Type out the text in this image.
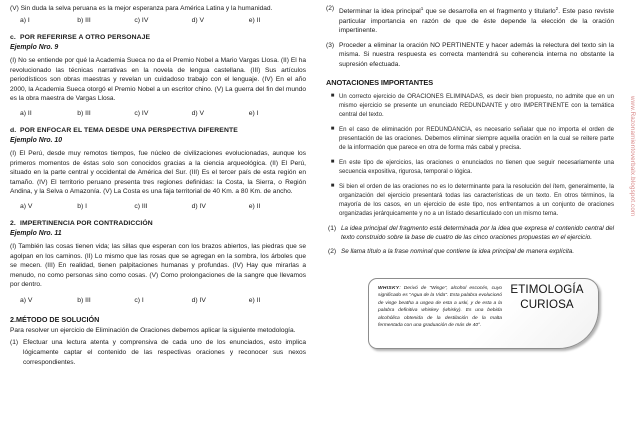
(V) Sin duda la selva peruana es la mejor esperanza para América Latina y la humanidad.
a) I	b) III	c) IV	d) V	e) II
c. POR REFERIRSE A OTRO PERSONAJE
Ejemplo Nro. 9
(I) No se entiende por qué la Academia Sueca no da el Premio Nobel a Mario Vargas Llosa. (II) El ha revolucionado las técnicas narrativas en la novela de lengua castellana. (III) Sus artículos periodísticos son obras maestras y revelan un cuidadoso trabajo con el lenguaje. (IV) En el año 2000, la Academia Sueca otorgó el Premio Nobel a un escritor chino. (V) La guerra del fin del mundo es la obra maestra de Vargas Llosa.
a) II	b) III	c) IV	d) V	e) I
d. POR ENFOCAR EL TEMA DESDE UNA PERSPECTIVA DIFERENTE
Ejemplo Nro. 10
(I) El Perú, desde muy remotos tiempos, fue núcleo de civilizaciones evolucionadas, aunque los primeros momentos de éstas solo son conocidos gracias a la ciencia arqueológica. (II) El Perú, situado en la parte central y occidental de América del Sur. (III) Es el tercer país de esta región en tamaño. (IV) El territorio peruano presenta tres regiones definidas: la Costa, la Sierra, o Región Andina, y la Selva o Amazonía. (V) La Costa es una faja territorial de 40 Km. a 80 Km. de ancho.
a) V	b) I	c) III	d) IV	e) II
2. IMPERTINENCIA POR CONTRADICCIÓN
Ejemplo Nro. 11
(I) También las cosas tienen vida; las sillas que esperan con los brazos abiertos, las piedras que se agolpan en los caminos. (II) Lo mismo que las rosas que se agregan en la sombra, los árboles que se mecen. (III) En realidad, tienen palpitaciones humanas y profundas. (IV) Hay que mirarlas a menudo, no como personas sino como cosas. (V) Como prolongaciones de la sangre que llevamos por dentro.
a) V	b) III	c) I	d) IV	e) II
2.MÉTODO DE SOLUCIÓN
Para resolver un ejercicio de Eliminación de Oraciones debemos aplicar la siguiente metodología.
(1) Efectuar una lectura atenta y comprensiva de cada uno de los enunciados, esto implica lógicamente captar el contenido de las respectivas oraciones y reconocer sus nexos correspondientes.
(2) Determinar la idea principal$^1$ que se desarrolla en el fragmento y titularlo$^2$. Este paso reviste particular importancia en razón de que de éste depende la elección de la oración impertinente.
(3) Proceder a eliminar la oración NO PERTINENTE y hacer además la relectura del texto sin la misma. Si nuestra respuesta es correcta mantendrá su coherencia interna no obstante la supresión efectuada.
ANOTACIONES IMPORTANTES
■ Un correcto ejercicio de ORACIONES ELIMINADAS, es decir bien propuesto, no admite que en un mismo ejercicio se presente un enunciado REDUNDANTE y otro IMPERTINENTE con la temática central del texto.
■ En el caso de eliminación por REDUNDANCIA, es necesario señalar que no importa el orden de presentación de las oraciones. Debemos eliminar siempre aquella oración en la cual se reitere parte de la información que parece en otra de forma más cabal y precisa.
■ En este tipo de ejercicios, las oraciones o enunciados no tienen que seguir necesariamente una secuencia expositiva, rigurosa, temporal o lógica.
■ Si bien el orden de las oraciones no es lo determinante para la resolución del ítem, generalmente, la organización del ejercicio presentará todas las características de un texto. En otros términos, la mayoría de los casos, en un ejercicio de este tipo, nos enfrentamos a un conjunto de oraciones organizadas jerárquicamente y no a un listado desarticulado con un mismo tema.
(1) La idea principal del fragmento está determinada por la idea que expresa el contenido central del texto construido sobre la base de cuatro de las cinco oraciones propuestas en el ejercicio.
(2) Se llama título a la frase nominal que contiene la idea principal de manera explícita.
ETIMOLOGÍA
CURIOSA
WHISKY: Derivó de "Wisge", alcohol escocés, cuyo significado es "Agua de la Vida". Esta palabra evolucionó de visge beatha a usgea de esta a uski, y de esta a la palabra definitiva whiskey (whisky). Es una bebida alcohólica obtenida de la destilación de la malta fermentada con una graduación de más de 40°.
www.Razonamientoverbalx.blogspot.com
